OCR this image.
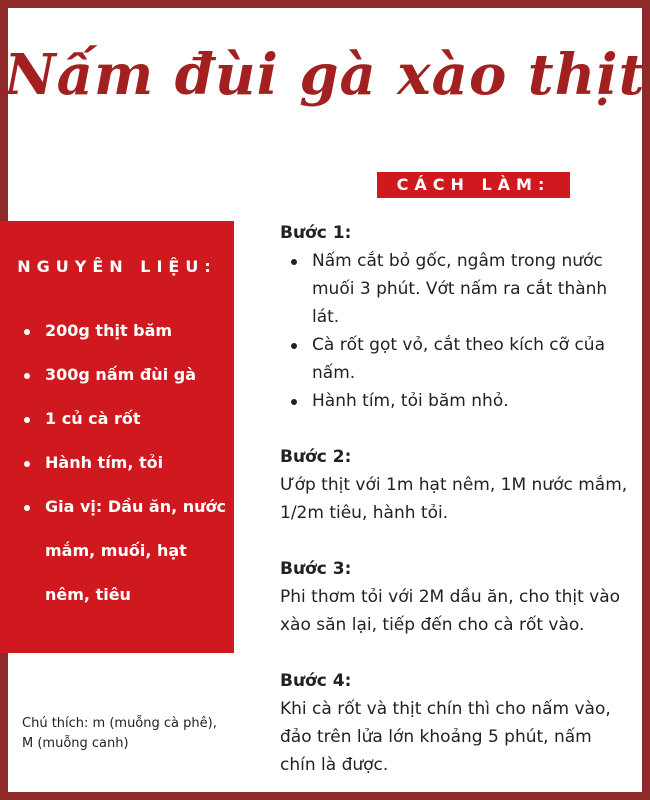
Nấm đùi gà xào thịt
CÁCH LÀM:
NGUYÊN LIỆU:
200g thịt băm
300g nấm đùi gà
1 củ cà rốt
Hành tím, tỏi
Gia vị: Dầu ăn, nước mắm, muối, hạt nêm, tiêu
Chú thích: m (muỗng cà phê), M (muỗng canh)
Bước 1:
Nấm cắt bỏ gốc, ngâm trong nước muối 3 phút. Vớt nấm ra cắt thành lát.
Cà rốt gọt vỏ, cắt theo kích cỡ của nấm.
Hành tím, tỏi băm nhỏ.
Bước 2:
Ướp thịt với 1m hạt nêm, 1M nước mắm, 1/2m tiêu, hành tỏi.
Bước 3:
Phi thơm tỏi với 2M dầu ăn, cho thịt vào xào săn lại, tiếp đến cho cà rốt vào.
Bước 4:
Khi cà rốt và thịt chín thì cho nấm vào, đảo trên lửa lớn khoảng 5 phút, nấm chín là được.
